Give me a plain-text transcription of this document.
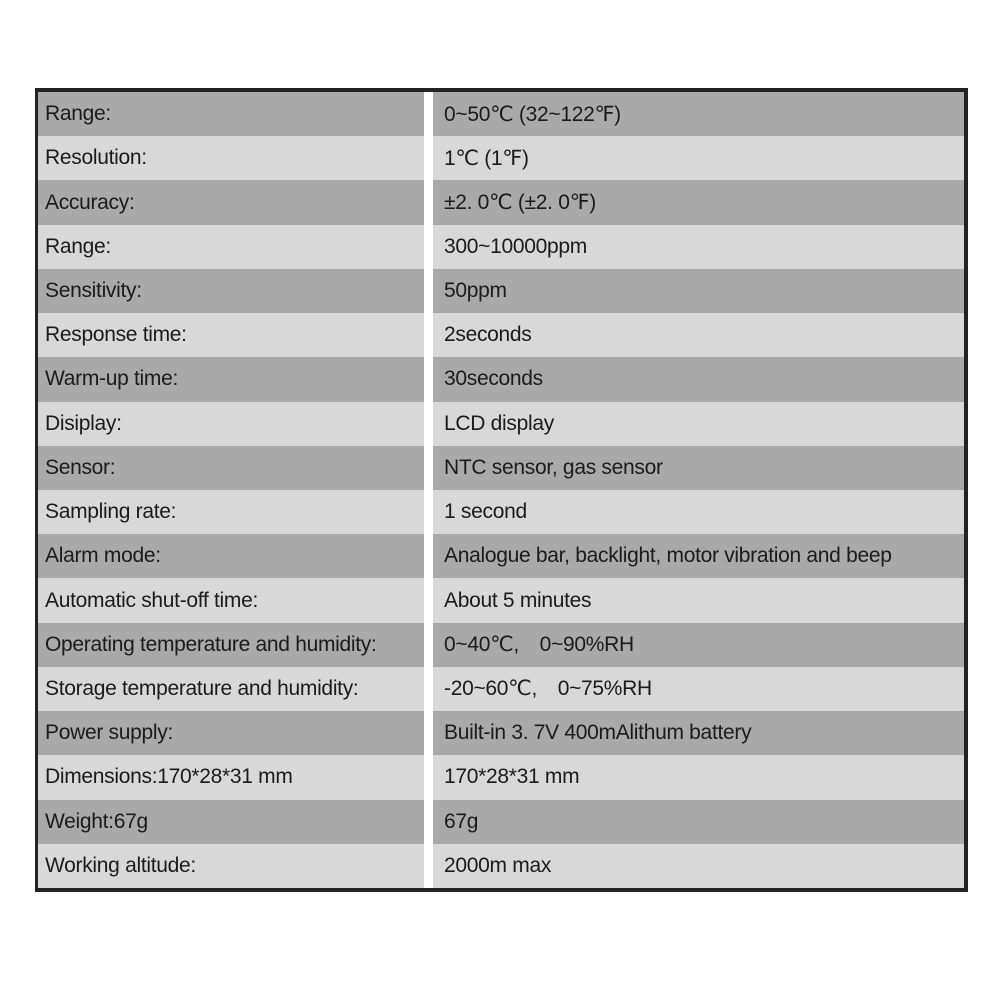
Range:	0~50℃ (32~122℉)
Resolution:	1℃ (1℉)
Accuracy:	±2. 0℃ (±2. 0℉)
Range:	300~10000ppm
Sensitivity:	50ppm
Response time:	2seconds
Warm-up time:	30seconds
Disiplay:	LCD display
Sensor:	NTC sensor, gas sensor
Sampling rate:	1 second
Alarm mode:	Analogue bar, backlight, motor vibration and beep
Automatic shut-off time:	About 5 minutes
Operating temperature and humidity:	0~40℃, 0~90%RH
Storage temperature and humidity:	-20~60℃, 0~75%RH
Power supply:	Built-in 3. 7V 400mAlithum battery
Dimensions:170*28*31 mm	170*28*31 mm
Weight:67g	67g
Working altitude:	2000m max
